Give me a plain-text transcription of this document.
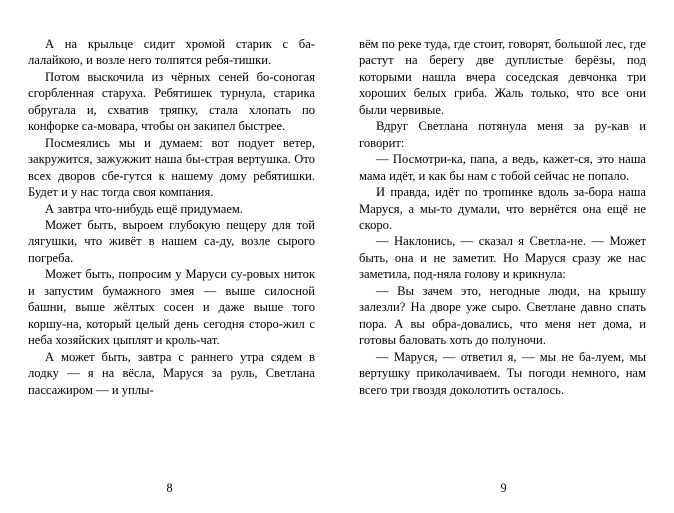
А на крыльце сидит хромой старик с ба-лалайкою, и возле него толпятся ребя-тишки.

Потом выскочила из чёрных сеней бо-соногая сгорбленная старуха. Ребятишек турнула, старика обругала и, схватив тряпку, стала хлопать по конфорке са-мовара, чтобы он закипел быстрее.

Посмеялись мы и думаем: вот подует ветер, закружится, зажужжит наша бы-страя вертушка. Ото всех дворов сбе-гутся к нашему дому ребятишки. Будет и у нас тогда своя компания.

А завтра что-нибудь ещё придумаем.

Может быть, выроем глубокую пещеру для той лягушки, что живёт в нашем са-ду, возле сырого погреба.

Может быть, попросим у Маруси су-ровых ниток и запустим бумажного змея — выше силосной башни, выше жёлтых сосен и даже выше того коршу-на, который целый день сегодня сторо-жил с неба хозяйских цыплят и кроль-чат.

А может быть, завтра с раннего утра сядем в лодку — я на вёсла, Маруся за руль, Светлана пассажиром — и уплы-

8

вём по реке туда, где стоит, говорят, большой лес, где растут на берегу две дуплистые берёзы, под которыми нашла вчера соседская девчонка три хороших белых гриба. Жаль только, что все они были червивые.

Вдруг Светлана потянула меня за ру-кав и говорит:

— Посмотри-ка, папа, а ведь, кажет-ся, это наша мама идёт, и как бы нам с тобой сейчас не попало.

И правда, идёт по тропинке вдоль за-бора наша Маруся, а мы-то думали, что вернётся она ещё не скоро.

— Наклонись, — сказал я Светла-не. — Может быть, она и не заметит. Но Маруся сразу же нас заметила, под-няла голову и крикнула:

— Вы зачем это, негодные люди, на крышу залезли? На дворе уже сыро. Светлане давно спать пора. А вы обра-довались, что меня нет дома, и готовы баловать хоть до полуночи.

— Маруся, — ответил я, — мы не ба-луем, мы вертушку приколачиваем. Ты погоди немного, нам всего три гвоздя доколотить осталось.

9
